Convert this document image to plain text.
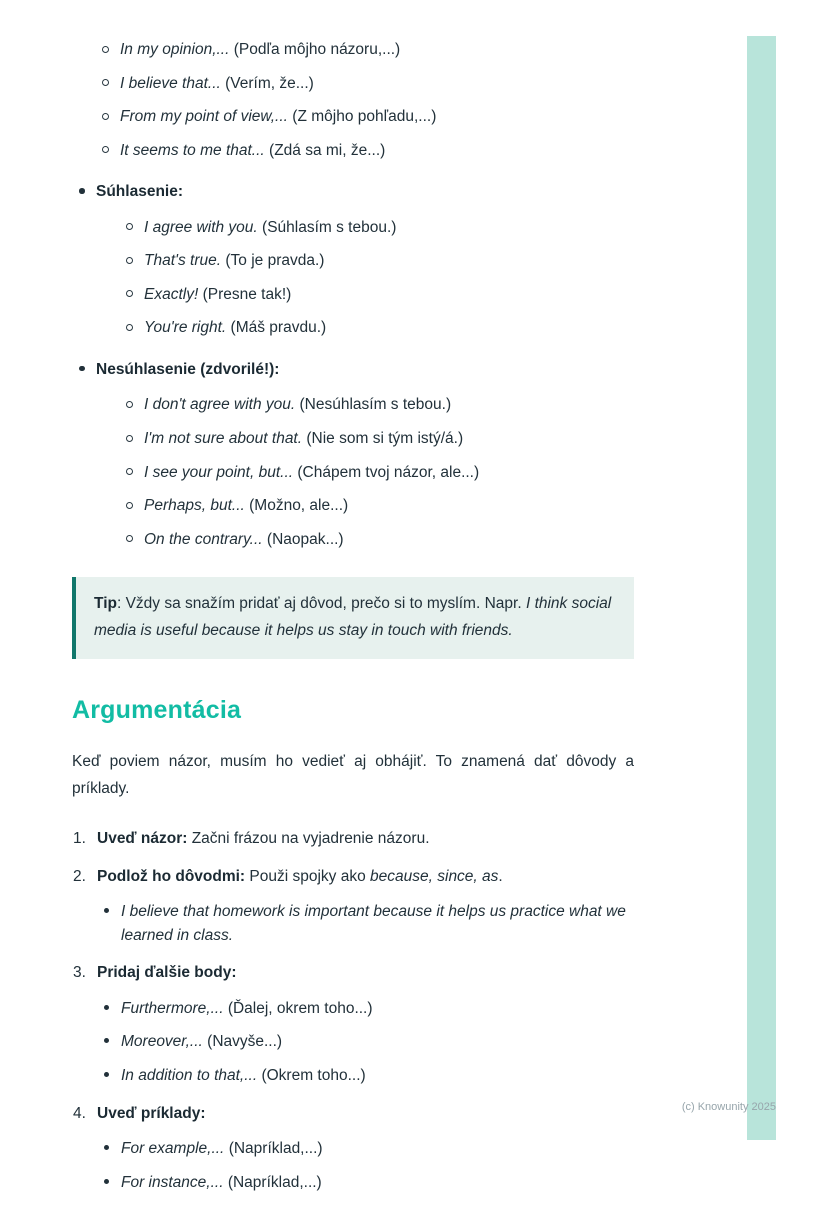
In my opinion,... (Podľa môjho názoru,...)
I believe that... (Verím, že...)
From my point of view,... (Z môjho pohľadu,...)
It seems to me that... (Zdá sa mi, že...)
Súhlasenie:
I agree with you. (Súhlasím s tebou.)
That's true. (To je pravda.)
Exactly! (Presne tak!)
You're right. (Máš pravdu.)
Nesúhlasenie (zdvorilé!):
I don't agree with you. (Nesúhlasím s tebou.)
I'm not sure about that. (Nie som si tým istý/á.)
I see your point, but... (Chápem tvoj názor, ale...)
Perhaps, but... (Možno, ale...)
On the contrary... (Naopak...)
Tip: Vždy sa snažím pridať aj dôvod, prečo si to myslím. Napr. I think social media is useful because it helps us stay in touch with friends.
Argumentácia

Keď poviem názor, musím ho vedieť aj obhájiť. To znamená dať dôvody a príklady.

Uveď názor: Začni frázou na vyjadrenie názoru.
Podlož ho dôvodmi: Použi spojky ako because, since, as.
I believe that homework is important because it helps us practice what we learned in class.
Pridaj ďalšie body:
Furthermore,... (Ďalej, okrem toho...)
Moreover,... (Navyše...)
In addition to that,... (Okrem toho...)
Uveď príklady:
For example,... (Napríklad,...)
For instance,... (Napríklad,...)
(c) Knowunity 2025
